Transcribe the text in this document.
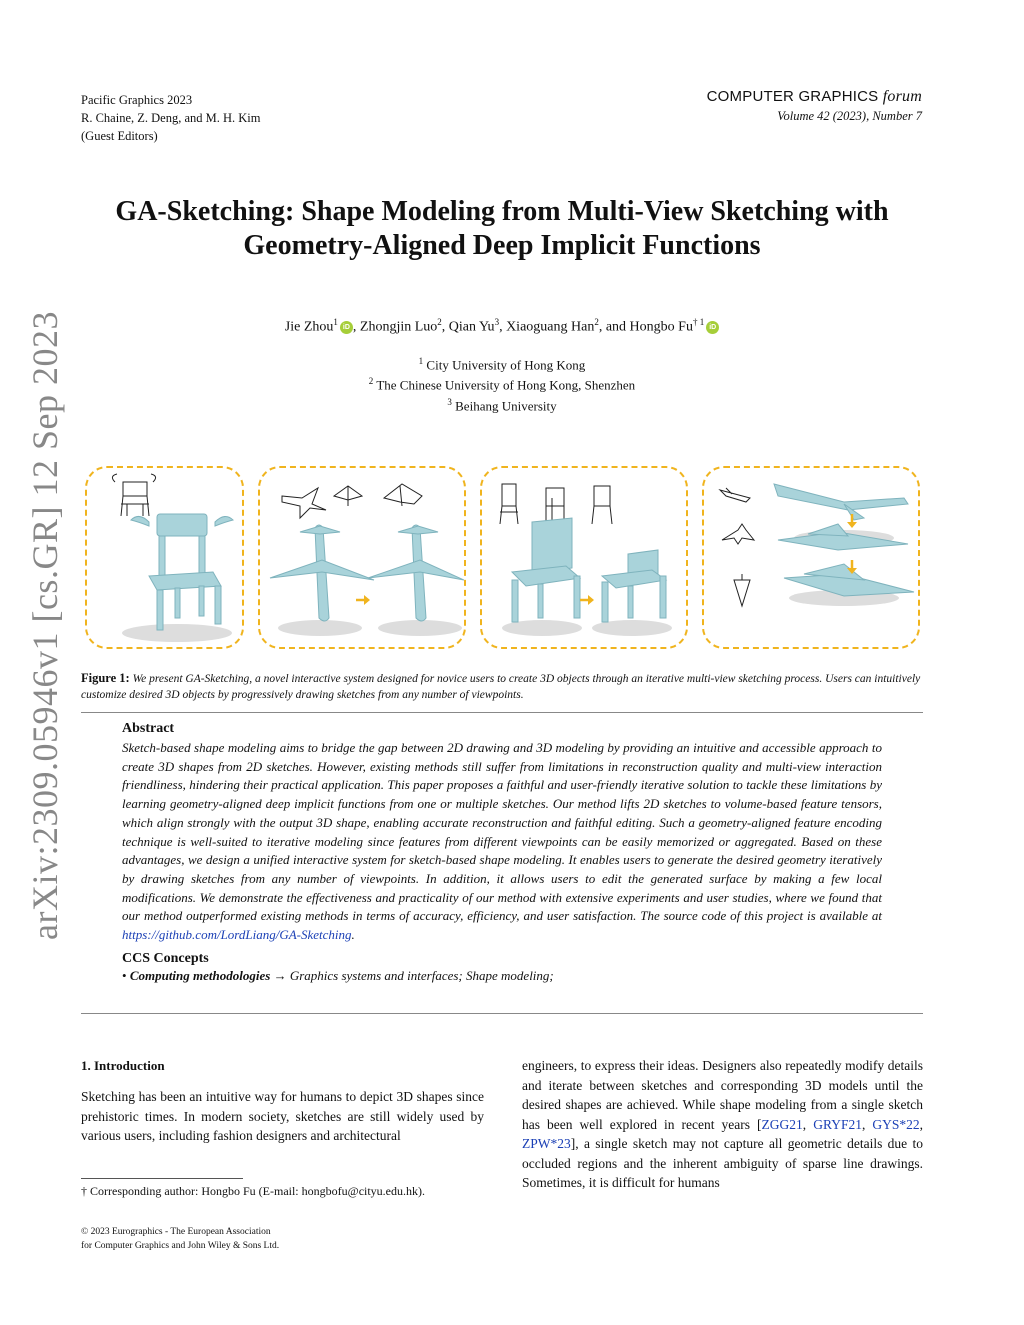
Pacific Graphics 2023
R. Chaine, Z. Deng, and M. H. Kim
(Guest Editors)
COMPUTER GRAPHICS forum
Volume 42 (2023), Number 7
arXiv:2309.05946v1 [cs.GR] 12 Sep 2023
GA-Sketching: Shape Modeling from Multi-View Sketching with
Geometry-Aligned Deep Implicit Functions
Jie Zhou$^1$iD , Zhongjin Luo$^2$, Qian Yu$^3$, Xiaoguang Han$^2$, and Hongbo Fu$^{\dagger 1}$iD
$^1$ City University of Hong Kong
$^2$ The Chinese University of Hong Kong, Shenzhen
$^3$ Beihang University
Figure 1: We present GA-Sketching, a novel interactive system designed for novice users to create 3D objects through an iterative multi-view sketching process. Users can intuitively customize desired 3D objects by progressively drawing sketches from any number of viewpoints.
Abstract
Sketch-based shape modeling aims to bridge the gap between 2D drawing and 3D modeling by providing an intuitive and accessible approach to create 3D shapes from 2D sketches. However, existing methods still suffer from limitations in reconstruction quality and multi-view interaction friendliness, hindering their practical application. This paper proposes a faithful and user-friendly iterative solution to tackle these limitations by learning geometry-aligned deep implicit functions from one or multiple sketches. Our method lifts 2D sketches to volume-based feature tensors, which align strongly with the output 3D shape, enabling accurate reconstruction and faithful editing. Such a geometry-aligned feature encoding technique is well-suited to iterative modeling since features from different viewpoints can be easily memorized or aggregated. Based on these advantages, we design a unified interactive system for sketch-based shape modeling. It enables users to generate the desired geometry iteratively by drawing sketches from any number of viewpoints. In addition, it allows users to edit the generated surface by making a few local modifications. We demonstrate the effectiveness and practicality of our method with extensive experiments and user studies, where we found that our method outperformed existing methods in terms of accuracy, efficiency, and user satisfaction. The source code of this project is available at https://github.com/LordLiang/GA-Sketching.
CCS Concepts
• Computing methodologies → Graphics systems and interfaces; Shape modeling;
1. Introduction
Sketching has been an intuitive way for humans to depict 3D shapes since prehistoric times. In modern society, sketches are still widely used by various users, including fashion designers and architectural
engineers, to express their ideas. Designers also repeatedly modify details and iterate between sketches and corresponding 3D models until the desired shapes are achieved. While shape modeling from a single sketch has been well explored in recent years [ZGG21, GRYF21, GYS*22, ZPW*23], a single sketch may not capture all geometric details due to occluded regions and the inherent ambiguity of sparse line drawings. Sometimes, it is difficult for humans
† Corresponding author: Hongbo Fu (E-mail: hongbofu@cityu.edu.hk).
© 2023 Eurographics - The European Association
for Computer Graphics and John Wiley & Sons Ltd.
